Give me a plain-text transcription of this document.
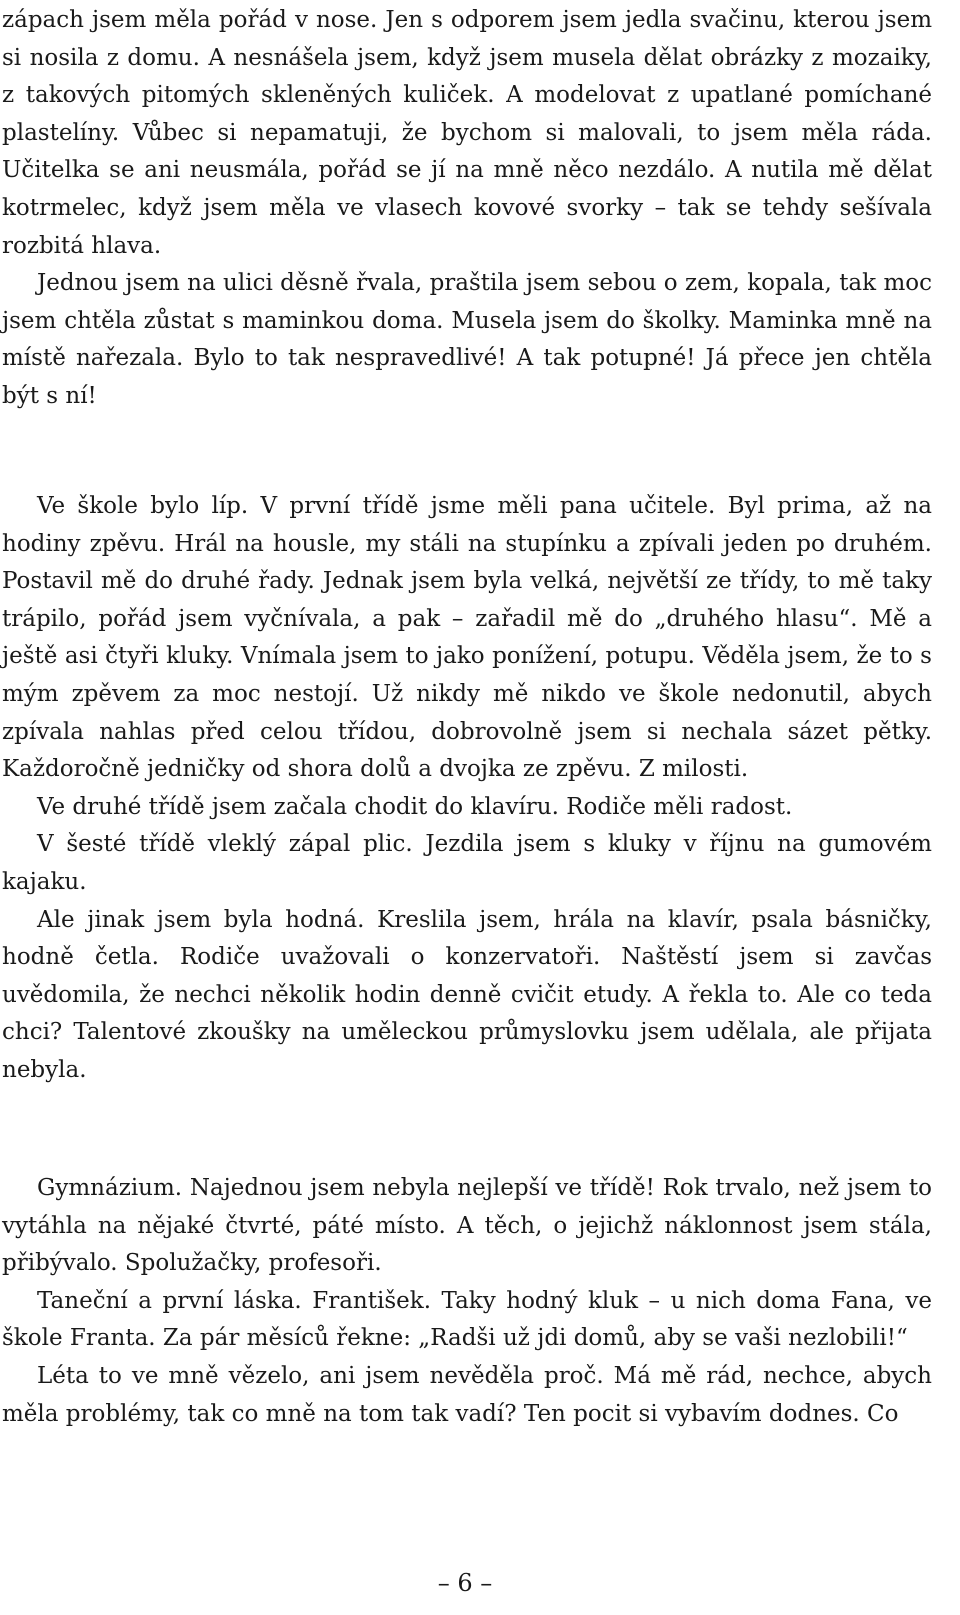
zápach jsem měla pořád v nose. Jen s odporem jsem jedla svačinu, kterou jsem si nosila z domu. A nesnášela jsem, když jsem musela dělat obrázky z mozaiky, z takových pitomých skleněných kuliček. A modelovat z upatlané pomíchané plastelíny. Vůbec si nepamatuji, že bychom si malovali, to jsem měla ráda. Učitelka se ani neusmála, pořád se jí na mně něco nezdálo. A nutila mě dělat kotrmelec, když jsem měla ve vlasech kovové svorky – tak se tehdy sešívala rozbitá hlava.

Jednou jsem na ulici děsně řvala, praštila jsem sebou o zem, kopala, tak moc jsem chtěla zůstat s maminkou doma. Musela jsem do školky. Maminka mně na místě nařezala. Bylo to tak nespravedlivé! A tak potupné! Já přece jen chtěla být s ní!

Ve škole bylo líp. V první třídě jsme měli pana učitele. Byl prima, až na hodiny zpěvu. Hrál na housle, my stáli na stupínku a zpívali jeden po druhém. Postavil mě do druhé řady. Jednak jsem byla velká, největší ze třídy, to mě taky trápilo, pořád jsem vyčnívala, a pak – zařadil mě do „druhého hlasu“. Mě a ještě asi čtyři kluky. Vnímala jsem to jako ponížení, potupu. Věděla jsem, že to s mým zpěvem za moc nestojí. Už nikdy mě nikdo ve škole nedonutil, abych zpívala nahlas před celou třídou, dobrovolně jsem si nechala sázet pětky. Každoročně jedničky od shora dolů a dvojka ze zpěvu. Z milosti.

Ve druhé třídě jsem začala chodit do klavíru. Rodiče měli radost.

V šesté třídě vleklý zápal plic. Jezdila jsem s kluky v říjnu na gumovém kajaku.

Ale jinak jsem byla hodná. Kreslila jsem, hrála na klavír, psala básničky, hodně četla. Rodiče uvažovali o konzervatoři. Naštěstí jsem si zavčas uvědomila, že nechci několik hodin denně cvičit etudy. A řekla to. Ale co teda chci? Talentové zkoušky na uměleckou průmyslovku jsem udělala, ale přijata nebyla.

Gymnázium. Najednou jsem nebyla nejlepší ve třídě! Rok trvalo, než jsem to vytáhla na nějaké čtvrté, páté místo. A těch, o jejichž náklonnost jsem stála, přibývalo. Spolužačky, profesoři.

Taneční a první láska. František. Taky hodný kluk – u nich doma Fana, ve škole Franta. Za pár měsíců řekne: „Radši už jdi domů, aby se vaši nezlobili!“

Léta to ve mně vězelo, ani jsem nevěděla proč. Má mě rád, nechce, abych měla problémy, tak co mně na tom tak vadí? Ten pocit si vybavím dodnes. Co

– 6 –
